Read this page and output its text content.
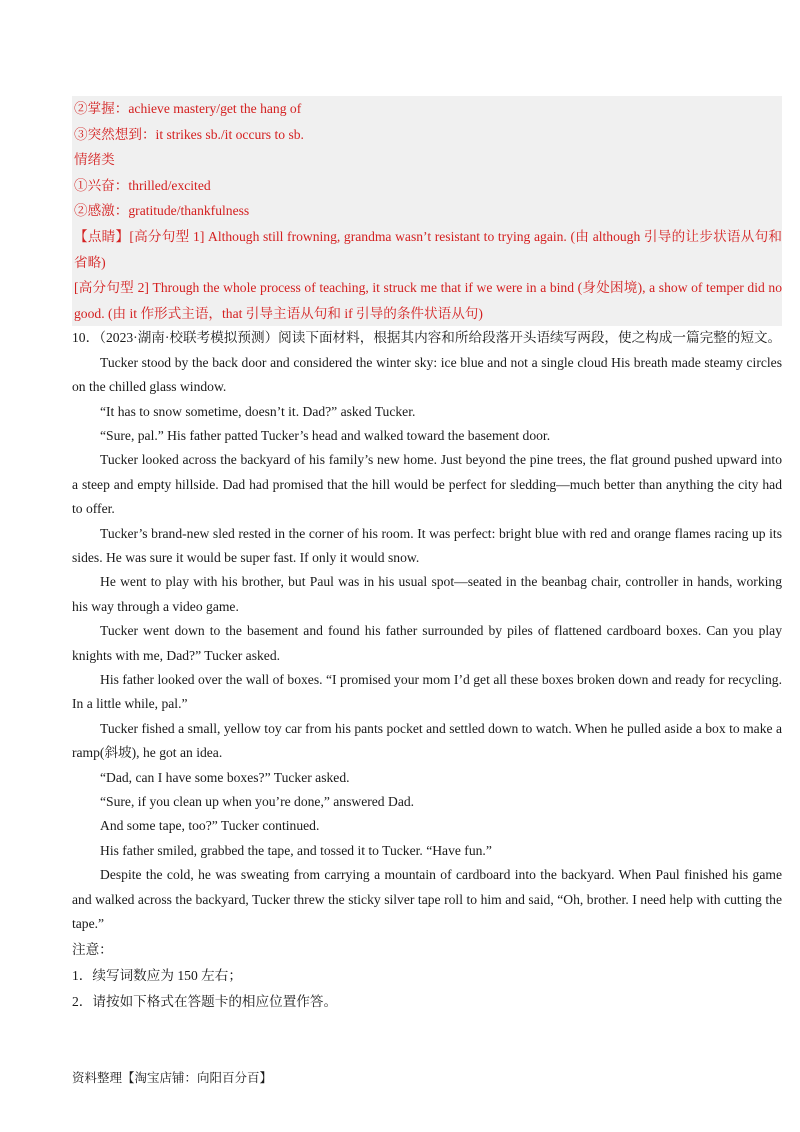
②掌握：achieve mastery/get the hang of
③突然想到：it strikes sb./it occurs to sb.
情绪类
①兴奋：thrilled/excited
②感激：gratitude/thankfulness
【点睛】[高分句型 1] Although still frowning, grandma wasn’t resistant to trying again. (由 although 引导的让步状语从句和省略)
[高分句型 2] Through the whole process of teaching, it struck me that if we were in a bind (身处困境), a show of temper did no good. (由 it 作形式主语，that 引导主语从句和 if 引导的条件状语从句)
10．（2023·湖南·校联考模拟预测）阅读下面材料，根据其内容和所给段落开头语续写两段，使之构成一篇完整的短文。

Tucker stood by the back door and considered the winter sky: ice blue and not a single cloud His breath made steamy circles on the chilled glass window.

“It has to snow sometime, doesn’t it. Dad?” asked Tucker.

“Sure, pal.” His father patted Tucker’s head and walked toward the basement door.

Tucker looked across the backyard of his family’s new home. Just beyond the pine trees, the flat ground pushed upward into a steep and empty hillside. Dad had promised that the hill would be perfect for sledding—much better than anything the city had to offer.

Tucker’s brand-new sled rested in the corner of his room. It was perfect: bright blue with red and orange flames racing up its sides. He was sure it would be super fast. If only it would snow.

He went to play with his brother, but Paul was in his usual spot—seated in the beanbag chair, controller in hands, working his way through a video game.

Tucker went down to the basement and found his father surrounded by piles of flattened cardboard boxes. Can you play knights with me, Dad?” Tucker asked.

His father looked over the wall of boxes. “I promised your mom I’d get all these boxes broken down and ready for recycling. In a little while, pal.”

Tucker fished a small, yellow toy car from his pants pocket and settled down to watch. When he pulled aside a box to make a ramp(斜坡), he got an idea.

“Dad, can I have some boxes?” Tucker asked.

“Sure, if you clean up when you’re done,” answered Dad.

And some tape, too?” Tucker continued.

His father smiled, grabbed the tape, and tossed it to Tucker. “Have fun.”

Despite the cold, he was sweating from carrying a mountain of cardboard into the backyard. When Paul finished his game and walked across the backyard, Tucker threw the sticky silver tape roll to him and said, “Oh, brother. I need help with cutting the tape.”

注意：

1．续写词数应为 150 左右；

2．请按如下格式在答题卡的相应位置作答。

资料整理【淘宝店铺：向阳百分百】
